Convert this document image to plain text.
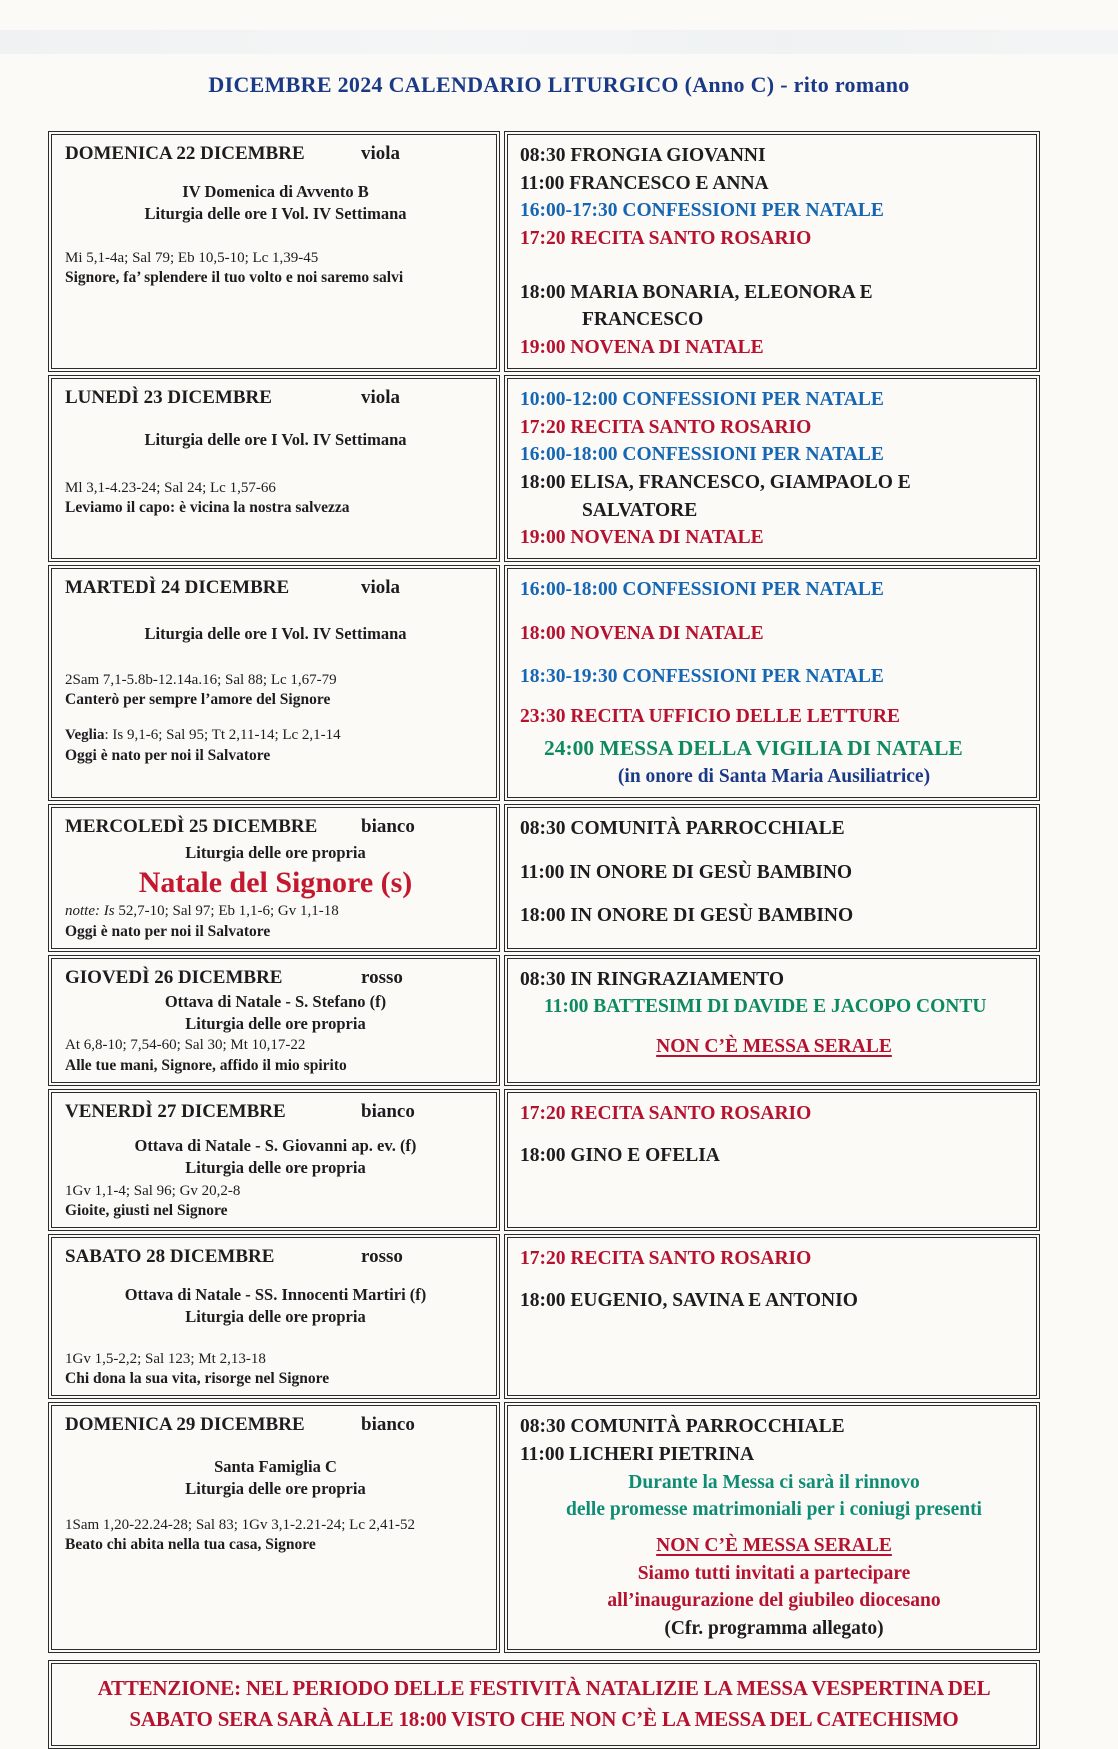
DICEMBRE 2024 CALENDARIO LITURGICO (Anno C) - rito romano
DOMENICA 22 DICEMBRE	viola
IV Domenica di Avvento B
Liturgia delle ore I Vol. IV Settimana
Mi 5,1-4a; Sal 79; Eb 10,5-10; Lc 1,39-45
Signore, fa’ splendere il tuo volto e noi saremo salvi
08:30 FRONGIA GIOVANNI
11:00 FRANCESCO E ANNA
16:00-17:30 CONFESSIONI PER NATALE
17:20 RECITA SANTO ROSARIO
18:00 MARIA BONARIA, ELEONORA E
FRANCESCO
19:00 NOVENA DI NATALE
LUNEDÌ 23 DICEMBRE	viola
Liturgia delle ore I Vol. IV Settimana
Ml 3,1-4.23-24; Sal 24; Lc 1,57-66
Leviamo il capo: è vicina la nostra salvezza
10:00-12:00 CONFESSIONI PER NATALE
17:20 RECITA SANTO ROSARIO
16:00-18:00 CONFESSIONI PER NATALE
18:00 ELISA, FRANCESCO, GIAMPAOLO E
SALVATORE
19:00 NOVENA DI NATALE
MARTEDÌ 24 DICEMBRE	viola
Liturgia delle ore I Vol. IV Settimana
2Sam 7,1-5.8b-12.14a.16; Sal 88; Lc 1,67-79
Canterò per sempre l’amore del Signore
Veglia: Is 9,1-6; Sal 95; Tt 2,11-14; Lc 2,1-14
Oggi è nato per noi il Salvatore
16:00-18:00 CONFESSIONI PER NATALE
18:00 NOVENA DI NATALE
18:30-19:30 CONFESSIONI PER NATALE
23:30 RECITA UFFICIO DELLE LETTURE
24:00 MESSA DELLA VIGILIA DI NATALE
(in onore di Santa Maria Ausiliatrice)
MERCOLEDÌ 25 DICEMBRE	bianco
Liturgia delle ore propria
Natale del Signore (s)
notte: Is 52,7-10; Sal 97; Eb 1,1-6; Gv 1,1-18
Oggi è nato per noi il Salvatore
08:30 COMUNITÀ PARROCCHIALE
11:00 IN ONORE DI GESÙ BAMBINO
18:00 IN ONORE DI GESÙ BAMBINO
GIOVEDÌ 26 DICEMBRE	rosso
Ottava di Natale - S. Stefano (f)
Liturgia delle ore propria
At 6,8-10; 7,54-60; Sal 30; Mt 10,17-22
Alle tue mani, Signore, affido il mio spirito
08:30 IN RINGRAZIAMENTO
11:00 BATTESIMI DI DAVIDE E JACOPO CONTU
NON C’È MESSA SERALE
VENERDÌ 27 DICEMBRE	bianco
Ottava di Natale - S. Giovanni ap. ev. (f)
Liturgia delle ore propria
1Gv 1,1-4; Sal 96; Gv 20,2-8
Gioite, giusti nel Signore
17:20 RECITA SANTO ROSARIO
18:00 GINO E OFELIA
SABATO 28 DICEMBRE	rosso
Ottava di Natale - SS. Innocenti Martiri (f)
Liturgia delle ore propria
1Gv 1,5-2,2; Sal 123; Mt 2,13-18
Chi dona la sua vita, risorge nel Signore
17:20 RECITA SANTO ROSARIO
18:00 EUGENIO, SAVINA E ANTONIO
DOMENICA 29 DICEMBRE	bianco
Santa Famiglia C
Liturgia delle ore propria
1Sam 1,20-22.24-28; Sal 83; 1Gv 3,1-2.21-24; Lc 2,41-52
Beato chi abita nella tua casa, Signore
08:30 COMUNITÀ PARROCCHIALE
11:00 LICHERI PIETRINA
Durante la Messa ci sarà il rinnovo
delle promesse matrimoniali per i coniugi presenti
NON C’È MESSA SERALE
Siamo tutti invitati a partecipare
all’inaugurazione del giubileo diocesano
(Cfr. programma allegato)
ATTENZIONE: NEL PERIODO DELLE FESTIVITÀ NATALIZIE LA MESSA VESPERTINA DEL
SABATO SERA SARÀ ALLE 18:00 VISTO CHE NON C’È LA MESSA DEL CATECHISMO
